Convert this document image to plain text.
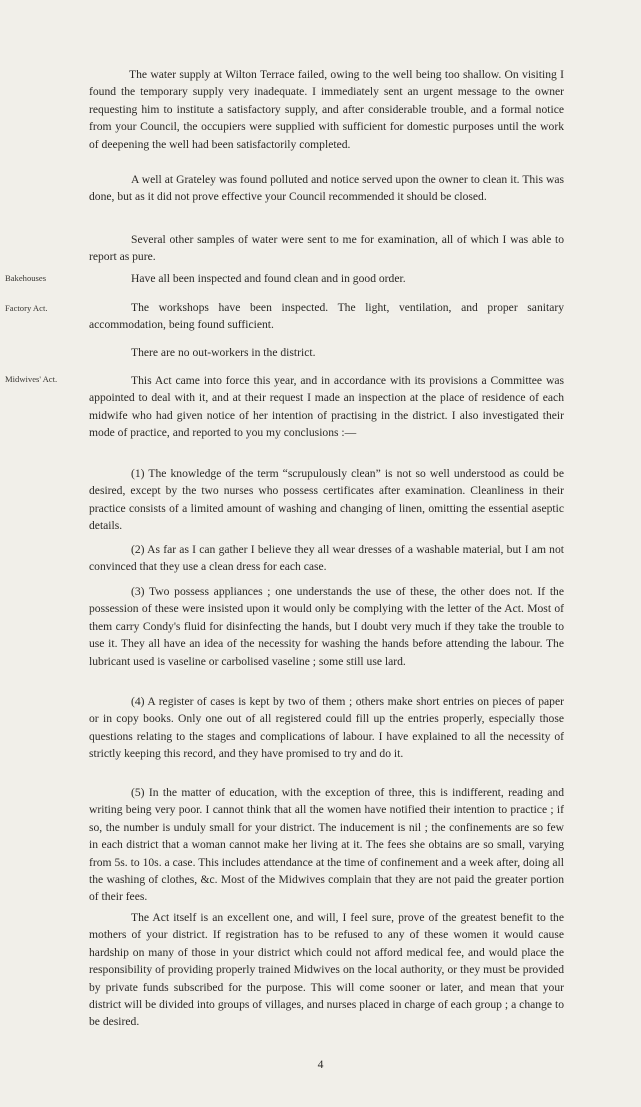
The water supply at Wilton Terrace failed, owing to the well being too shallow. On visiting I found the temporary supply very inadequate. I immediately sent an urgent message to the owner requesting him to institute a satisfactory supply, and after considerable trouble, and a formal notice from your Council, the occupiers were supplied with sufficient for domestic purposes until the work of deepening the well had been satisfactorily completed.

A well at Grateley was found polluted and notice served upon the owner to clean it. This was done, but as it did not prove effective your Council recommended it should be closed.

Several other samples of water were sent to me for examination, all of which I was able to report as pure.

Bakehouses	Have all been inspected and found clean and in good order.

Factory Act.	The workshops have been inspected. The light, ventilation, and proper sanitary accommodation, being found sufficient.

There are no out-workers in the district.

Midwives' Act.	This Act came into force this year, and in accordance with its provisions a Committee was appointed to deal with it, and at their request I made an inspection at the place of residence of each midwife who had given notice of her intention of practising in the district. I also investigated their mode of practice, and reported to you my conclusions :—

(1) The knowledge of the term “scrupulously clean” is not so well understood as could be desired, except by the two nurses who possess certificates after examination. Cleanliness in their practice consists of a limited amount of washing and changing of linen, omitting the essential aseptic details.

(2) As far as I can gather I believe they all wear dresses of a washable material, but I am not convinced that they use a clean dress for each case.

(3) Two possess appliances ; one understands the use of these, the other does not. If the possession of these were insisted upon it would only be complying with the letter of the Act. Most of them carry Condy's fluid for disinfecting the hands, but I doubt very much if they take the trouble to use it. They all have an idea of the necessity for washing the hands before attending the labour. The lubricant used is vaseline or carbolised vaseline ; some still use lard.

(4) A register of cases is kept by two of them ; others make short entries on pieces of paper or in copy books. Only one out of all registered could fill up the entries properly, especially those questions relating to the stages and complications of labour. I have explained to all the necessity of strictly keeping this record, and they have promised to try and do it.

(5) In the matter of education, with the exception of three, this is indifferent, reading and writing being very poor. I cannot think that all the women have notified their intention to practice ; if so, the number is unduly small for your district. The inducement is nil ; the confinements are so few in each district that a woman cannot make her living at it. The fees she obtains are so small, varying from 5s. to 10s. a case. This includes attendance at the time of confinement and a week after, doing all the washing of clothes, &c. Most of the Midwives complain that they are not paid the greater portion of their fees.

The Act itself is an excellent one, and will, I feel sure, prove of the greatest benefit to the mothers of your district. If registration has to be refused to any of these women it would cause hardship on many of those in your district which could not afford medical fee, and would place the responsibility of providing properly trained Midwives on the local authority, or they must be provided by private funds subscribed for the purpose. This will come sooner or later, and mean that your district will be divided into groups of villages, and nurses placed in charge of each group ; a change to be desired.

4
